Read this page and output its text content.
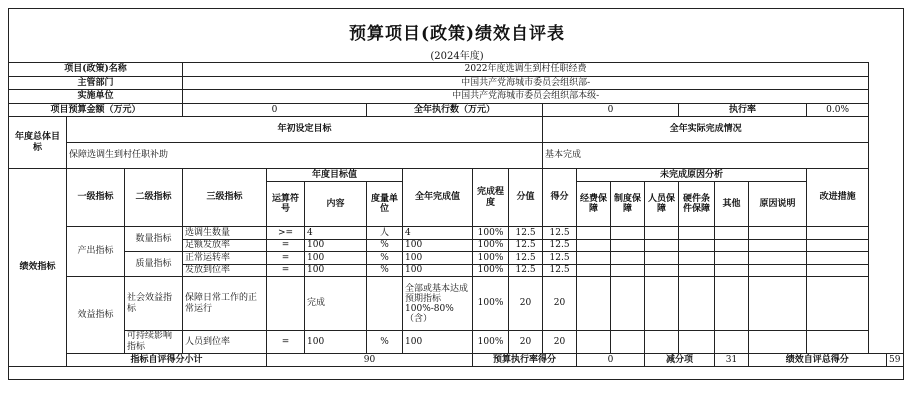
预算项目(政策)绩效自评表
(2024年度)
项目(政策)名称			2022年度选调生到村任职经费															
主管部门			中国共产党海城市委员会组织部-															
实施单位			中国共产党海城市委员会组织部本级-															
项目预算金额（万元）			0			全年执行数（万元）				0				执行率			0.0%	
年度总体目标	年初设定目标									全年实际完成情况								
	保障选调生到村任职补助									基本完成								
绩效指标	一级指标	二级指标	三级指标	年度目标值			全年完成值	完成程度	分值	得分	未完成原因分析						改进措施	
				运算符号	内容	度量单位					经费保障	制度保障	人员保障	硬件条件保障	其他	原因说明		
	产出指标	数量指标	选调生数量	>=	4	人	4	100%	12.5	12.5								
			足额发放率	=	100	%	100	100%	12.5	12.5								
		质量指标	正常运转率	=	100	%	100	100%	12.5	12.5								
			发放到位率	=	100	%	100	100%	12.5	12.5								
	效益指标	社会效益指标	保障日常工作的正常运行		完成		全部或基本达成预期指标100%-80%（含）	100%	20	20								
		可持续影响指标	人员到位率	=	100	%	100	100%	20	20								
	指标自评得分小计			90				预算执行率得分			0		减分项		31	绩效自评总得分		59
